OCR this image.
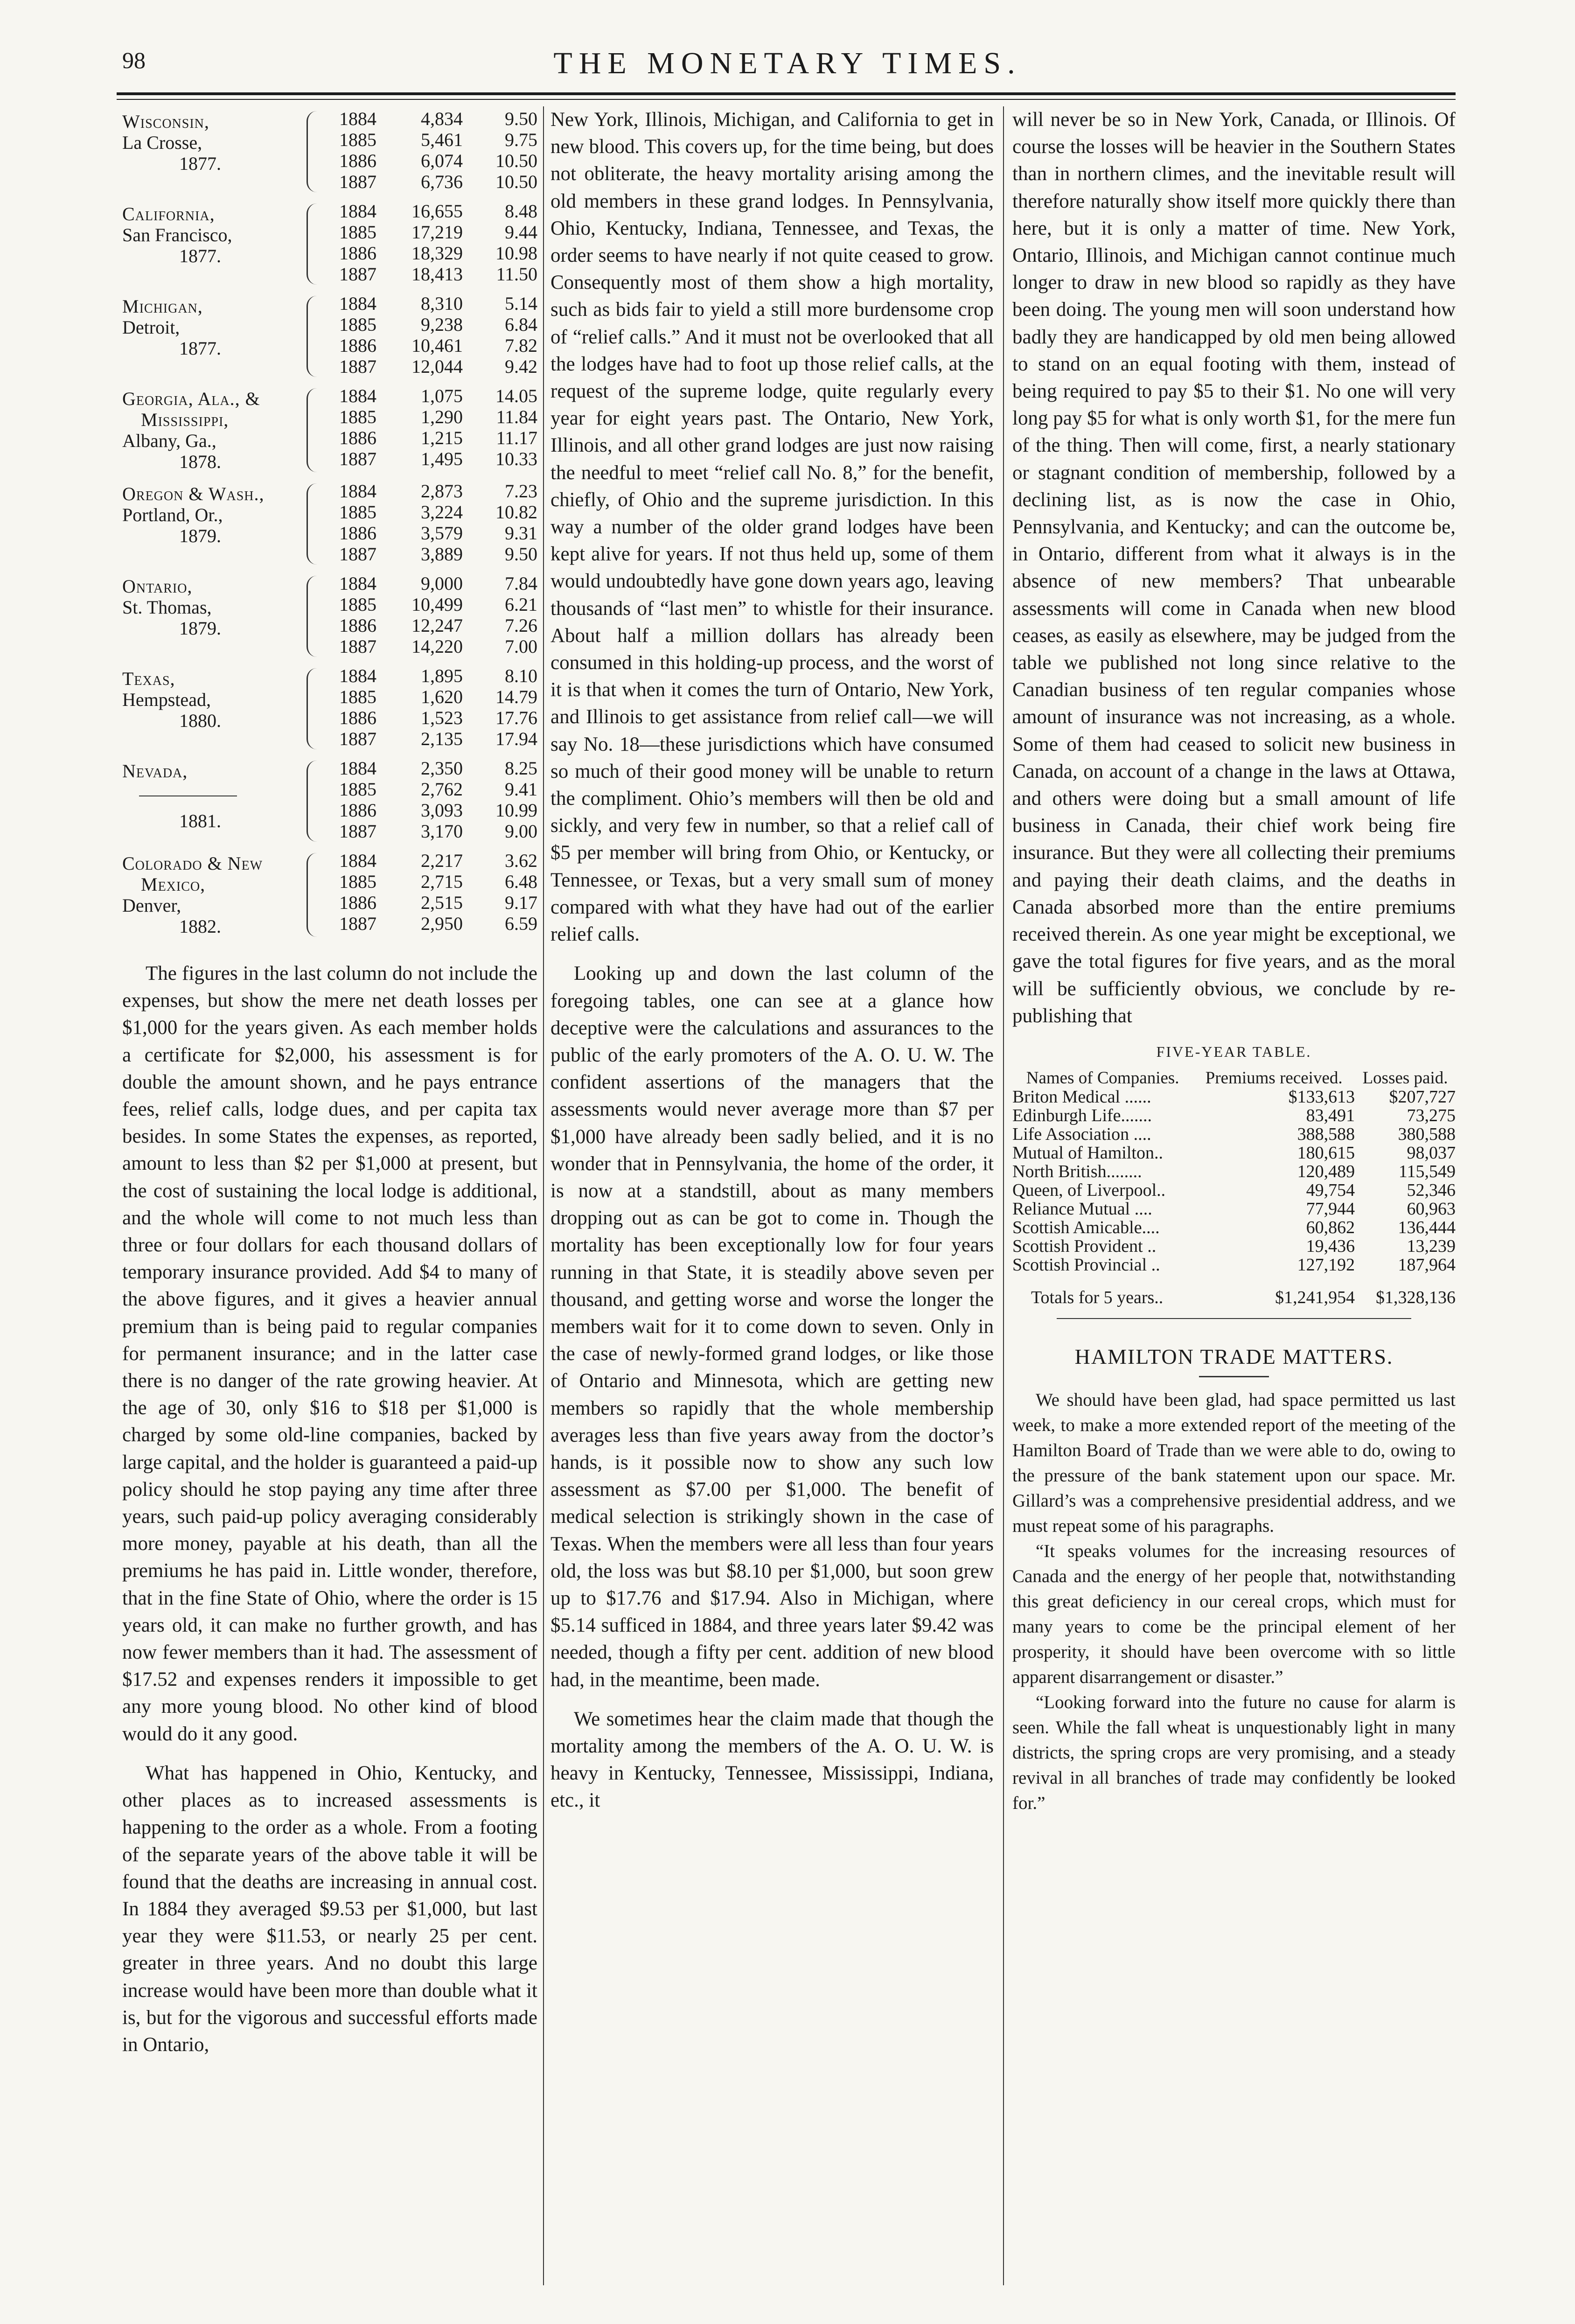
98	THE MONETARY TIMES.
Wisconsin,
La Crosse,
1877.
1884	4,834	9.50
1885	5,461	9.75
1886	6,074	10.50
1887	6,736	10.50
California,
San Francisco,
1877.
1884	16,655	8.48
1885	17,219	9.44
1886	18,329	10.98
1887	18,413	11.50
Michigan,
Detroit,
1877.
1884	8,310	5.14
1885	9,238	6.84
1886	10,461	7.82
1887	12,044	9.42
Georgia, Ala., &
Mississippi,
Albany, Ga.,
1878.
1884	1,075	14.05
1885	1,290	11.84
1886	1,215	11.17
1887	1,495	10.33
Oregon & Wash.,
Portland, Or.,
1879.
1884	2,873	7.23
1885	3,224	10.82
1886	3,579	9.31
1887	3,889	9.50
Ontario,
St. Thomas,
1879.
1884	9,000	7.84
1885	10,499	6.21
1886	12,247	7.26
1887	14,220	7.00
Texas,
Hempstead,
1880.
1884	1,895	8.10
1885	1,620	14.79
1886	1,523	17.76
1887	2,135	17.94
Nevada,
1881.
1884	2,350	8.25
1885	2,762	9.41
1886	3,093	10.99
1887	3,170	9.00
Colorado & New
Mexico,
Denver,
1882.
1884	2,217	3.62
1885	2,715	6.48
1886	2,515	9.17
1887	2,950	6.59

The figures in the last column do not include the expenses, but show the mere net death losses per $1,000 for the years given. As each member holds a certificate for $2,000, his assessment is for double the amount shown, and he pays entrance fees, relief calls, lodge dues, and per capita tax besides. In some States the expenses, as reported, amount to less than $2 per $1,000 at present, but the cost of sustaining the local lodge is additional, and the whole will come to not much less than three or four dollars for each thousand dollars of temporary insurance provided. Add $4 to many of the above figures, and it gives a heavier annual premium than is being paid to regular companies for permanent insurance; and in the latter case there is no danger of the rate growing heavier. At the age of 30, only $16 to $18 per $1,000 is charged by some old-line companies, backed by large capital, and the holder is guaranteed a paid-up policy should he stop paying any time after three years, such paid-up policy averaging considerably more money, payable at his death, than all the premiums he has paid in. Little wonder, therefore, that in the fine State of Ohio, where the order is 15 years old, it can make no further growth, and has now fewer members than it had. The assessment of $17.52 and expenses renders it impossible to get any more young blood. No other kind of blood would do it any good.

What has happened in Ohio, Kentucky, and other places as to increased assessments is happening to the order as a whole. From a footing of the separate years of the above table it will be found that the deaths are increasing in annual cost. In 1884 they averaged $9.53 per $1,000, but last year they were $11.53, or nearly 25 per cent. greater in three years. And no doubt this large increase would have been more than double what it is, but for the vigorous and successful efforts made in Ontario,

New York, Illinois, Michigan, and California to get in new blood. This covers up, for the time being, but does not obliterate, the heavy mortality arising among the old members in these grand lodges. In Pennsylvania, Ohio, Kentucky, Indiana, Tennessee, and Texas, the order seems to have nearly if not quite ceased to grow. Consequently most of them show a high mortality, such as bids fair to yield a still more burdensome crop of “relief calls.” And it must not be overlooked that all the lodges have had to foot up those relief calls, at the request of the supreme lodge, quite regularly every year for eight years past. The Ontario, New York, Illinois, and all other grand lodges are just now raising the needful to meet “relief call No. 8,” for the benefit, chiefly, of Ohio and the supreme jurisdiction. In this way a number of the older grand lodges have been kept alive for years. If not thus held up, some of them would undoubtedly have gone down years ago, leaving thousands of “last men” to whistle for their insurance. About half a million dollars has already been consumed in this holding-up process, and the worst of it is that when it comes the turn of Ontario, New York, and Illinois to get assistance from relief call—we will say No. 18—these jurisdictions which have consumed so much of their good money will be unable to return the compliment. Ohio’s members will then be old and sickly, and very few in number, so that a relief call of $5 per member will bring from Ohio, or Kentucky, or Tennessee, or Texas, but a very small sum of money compared with what they have had out of the earlier relief calls.

Looking up and down the last column of the foregoing tables, one can see at a glance how deceptive were the calculations and assurances to the public of the early promoters of the A. O. U. W. The confident assertions of the managers that the assessments would never average more than $7 per $1,000 have already been sadly belied, and it is no wonder that in Pennsylvania, the home of the order, it is now at a standstill, about as many members dropping out as can be got to come in. Though the mortality has been exceptionally low for four years running in that State, it is steadily above seven per thousand, and getting worse and worse the longer the members wait for it to come down to seven. Only in the case of newly-formed grand lodges, or like those of Ontario and Minnesota, which are getting new members so rapidly that the whole membership averages less than five years away from the doctor’s hands, is it possible now to show any such low assessment as $7.00 per $1,000. The benefit of medical selection is strikingly shown in the case of Texas. When the members were all less than four years old, the loss was but $8.10 per $1,000, but soon grew up to $17.76 and $17.94. Also in Michigan, where $5.14 sufficed in 1884, and three years later $9.42 was needed, though a fifty per cent. addition of new blood had, in the meantime, been made.

We sometimes hear the claim made that though the mortality among the members of the A. O. U. W. is heavy in Kentucky, Tennessee, Mississippi, Indiana, etc., it

will never be so in New York, Canada, or Illinois. Of course the losses will be heavier in the Southern States than in northern climes, and the inevitable result will therefore naturally show itself more quickly there than here, but it is only a matter of time. New York, Ontario, Illinois, and Michigan cannot continue much longer to draw in new blood so rapidly as they have been doing. The young men will soon understand how badly they are handicapped by old men being allowed to stand on an equal footing with them, instead of being required to pay $5 to their $1. No one will very long pay $5 for what is only worth $1, for the mere fun of the thing. Then will come, first, a nearly stationary or stagnant condition of membership, followed by a declining list, as is now the case in Ohio, Pennsylvania, and Kentucky; and can the outcome be, in Ontario, different from what it always is in the absence of new members? That unbearable assessments will come in Canada when new blood ceases, as easily as elsewhere, may be judged from the table we published not long since relative to the Canadian business of ten regular companies whose amount of insurance was not increasing, as a whole. Some of them had ceased to solicit new business in Canada, on account of a change in the laws at Ottawa, and others were doing but a small amount of life business in Canada, their chief work being fire insurance. But they were all collecting their premiums and paying their death claims, and the deaths in Canada absorbed more than the entire premiums received therein. As one year might be exceptional, we gave the total figures for five years, and as the moral will be sufficiently obvious, we conclude by re-publishing that

FIVE-YEAR TABLE.
Names of Companies.	Premiums received.	Losses paid.
Briton Medical ......	$133,613	$207,727
Edinburgh Life.......	83,491	73,275
Life Association ....	388,588	380,588
Mutual of Hamilton..	180,615	98,037
North British........	120,489	115,549
Queen, of Liverpool..	49,754	52,346
Reliance Mutual ....	77,944	60,963
Scottish Amicable....	60,862	136,444
Scottish Provident ..	19,436	13,239
Scottish Provincial ..	127,192	187,964
Totals for 5 years..	$1,241,954	$1,328,136
HAMILTON TRADE MATTERS.

We should have been glad, had space permitted us last week, to make a more extended report of the meeting of the Hamilton Board of Trade than we were able to do, owing to the pressure of the bank statement upon our space. Mr. Gillard’s was a comprehensive presidential address, and we must repeat some of his paragraphs.

“It speaks volumes for the increasing resources of Canada and the energy of her people that, notwithstanding this great deficiency in our cereal crops, which must for many years to come be the principal element of her prosperity, it should have been overcome with so little apparent disarrangement or disaster.”

“Looking forward into the future no cause for alarm is seen. While the fall wheat is unquestionably light in many districts, the spring crops are very promising, and a steady revival in all branches of trade may confidently be looked for.”
